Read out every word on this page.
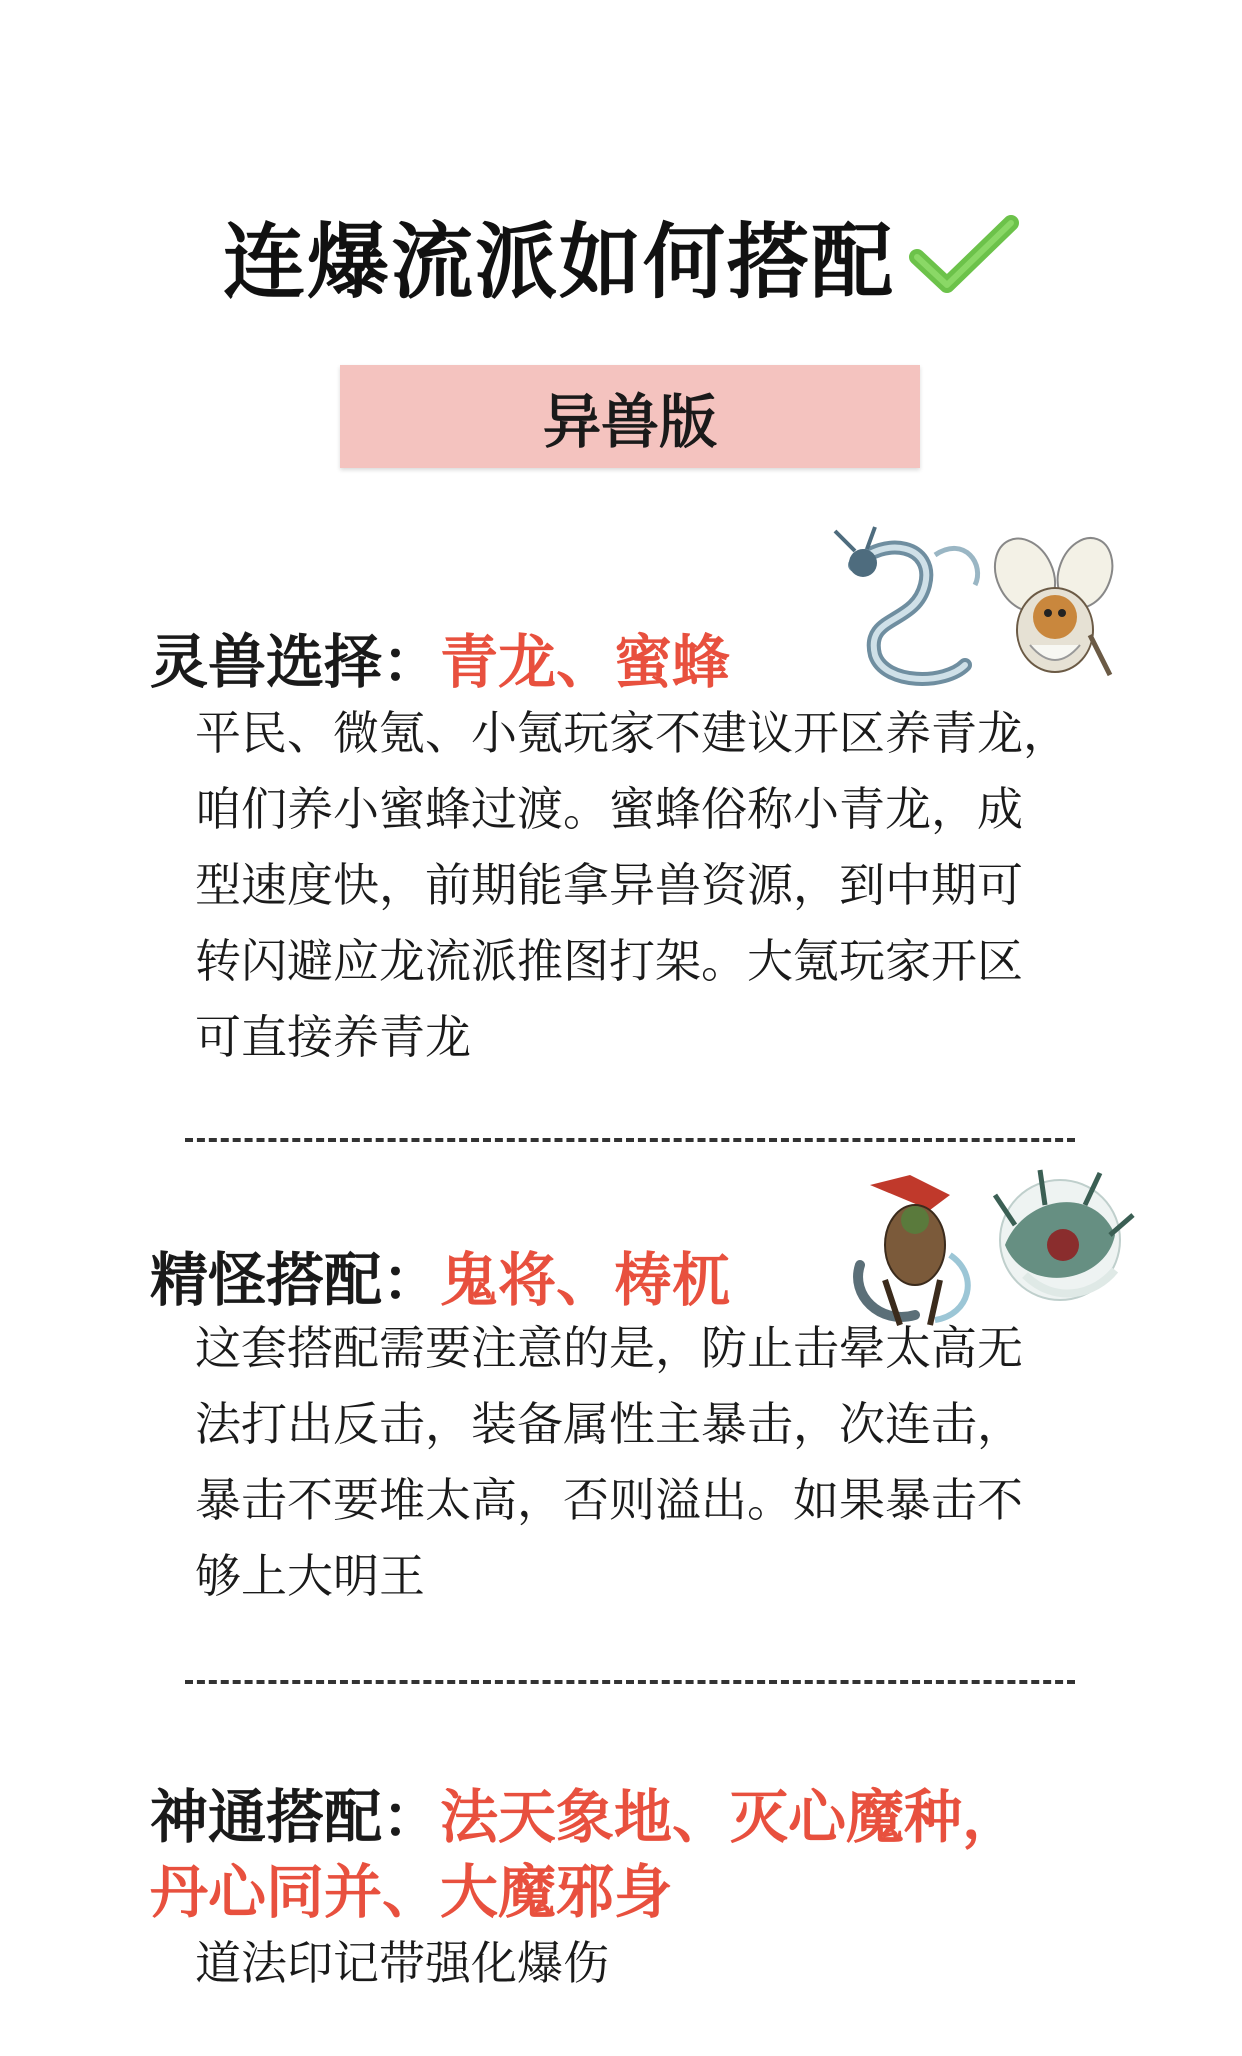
连爆流派如何搭配
异兽版
灵兽选择：青龙、蜜蜂
平民、微氪、小氪玩家不建议开区养青龙，
咱们养小蜜蜂过渡。蜜蜂俗称小青龙，成
型速度快，前期能拿异兽资源，到中期可
转闪避应龙流派推图打架。大氪玩家开区
可直接养青龙
精怪搭配：鬼将、梼杌
这套搭配需要注意的是，防止击晕太高无
法打出反击，装备属性主暴击，次连击，
暴击不要堆太高，否则溢出。如果暴击不
够上大明王
神通搭配：法天象地、灭心魔种，
丹心同并、大魔邪身
道法印记带强化爆伤
